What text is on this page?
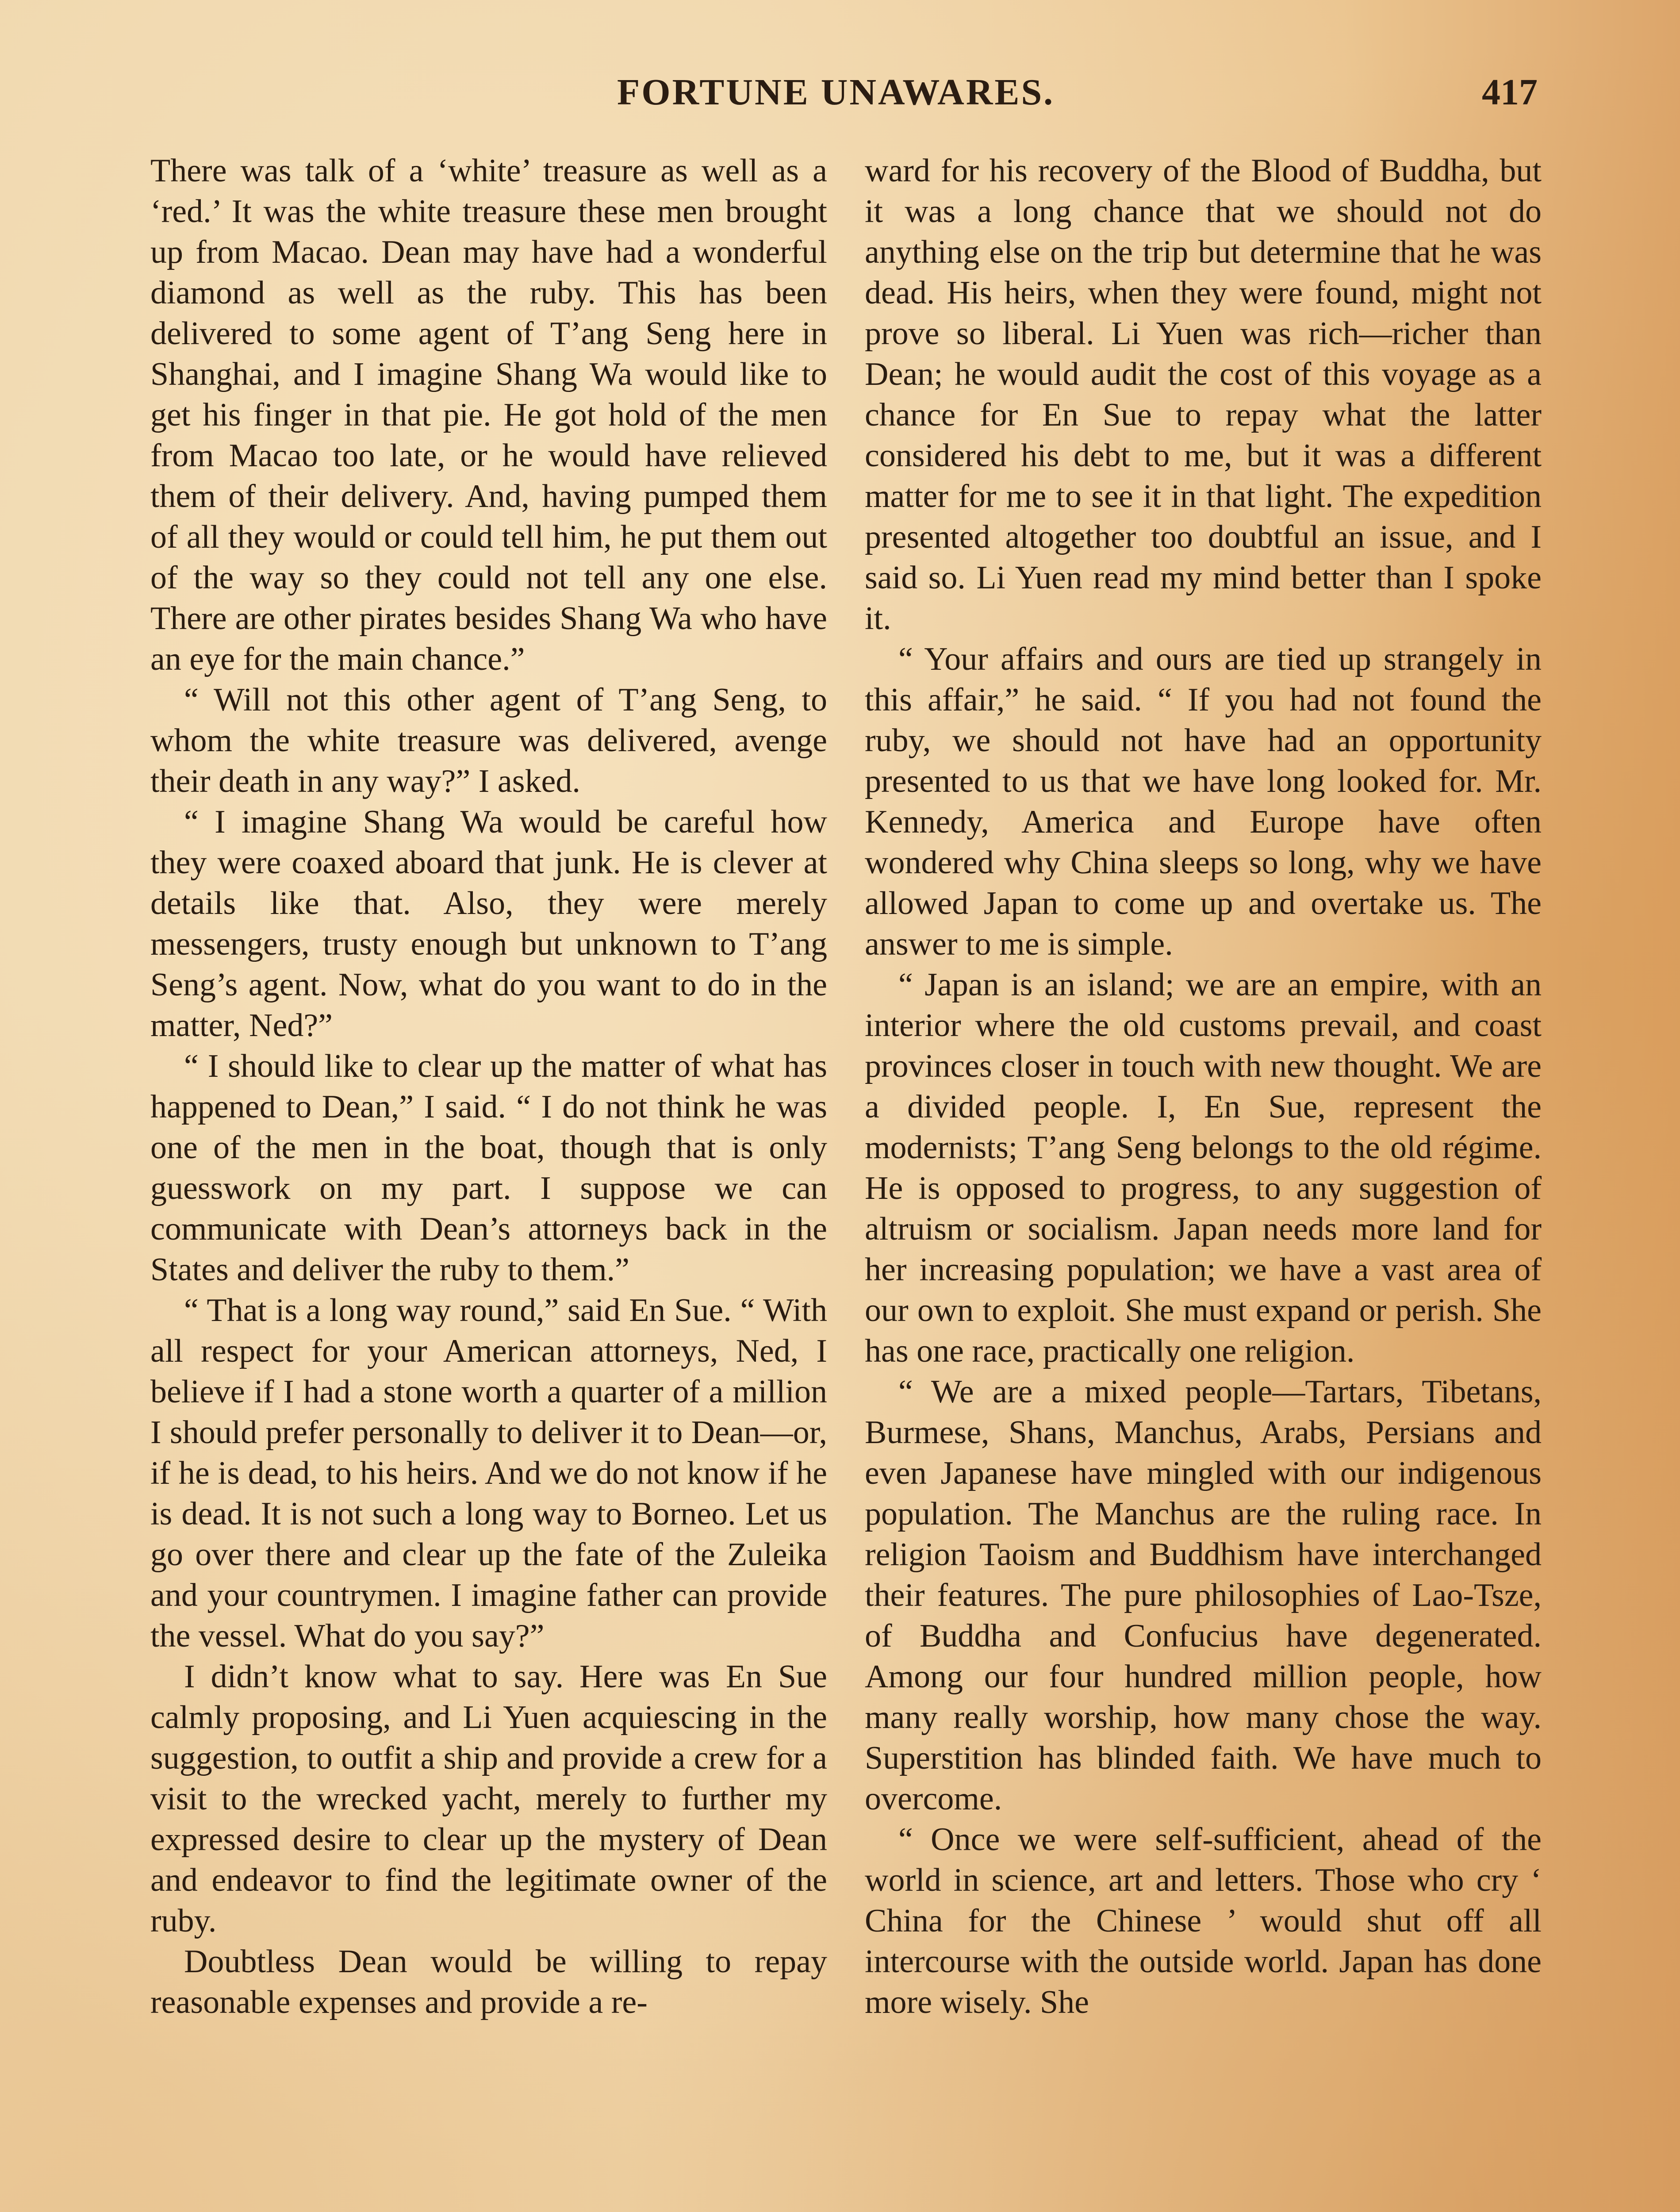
FORTUNE UNAWARES.	417

There was talk of a ‘white’ treasure as well as a ‘red.’ It was the white treasure these men brought up from Macao. Dean may have had a wonderful diamond as well as the ruby. This has been delivered to some agent of T’ang Seng here in Shanghai, and I imagine Shang Wa would like to get his finger in that pie. He got hold of the men from Macao too late, or he would have relieved them of their delivery. And, having pumped them of all they would or could tell him, he put them out of the way so they could not tell any one else. There are other pirates besides Shang Wa who have an eye for the main chance.”

“ Will not this other agent of T’ang Seng, to whom the white treasure was delivered, avenge their death in any way?” I asked.

“ I imagine Shang Wa would be careful how they were coaxed aboard that junk. He is clever at details like that. Also, they were merely messengers, trusty enough but unknown to T’ang Seng’s agent. Now, what do you want to do in the matter, Ned?”

“ I should like to clear up the matter of what has happened to Dean,” I said. “ I do not think he was one of the men in the boat, though that is only guesswork on my part. I suppose we can communicate with Dean’s attorneys back in the States and deliver the ruby to them.”

“ That is a long way round,” said En Sue. “ With all respect for your American attorneys, Ned, I believe if I had a stone worth a quarter of a million I should prefer personally to deliver it to Dean—or, if he is dead, to his heirs. And we do not know if he is dead. It is not such a long way to Borneo. Let us go over there and clear up the fate of the Zuleika and your countrymen. I imagine father can provide the vessel. What do you say?”

I didn’t know what to say. Here was En Sue calmly proposing, and Li Yuen acquiescing in the suggestion, to outfit a ship and provide a crew for a visit to the wrecked yacht, merely to further my expressed desire to clear up the mystery of Dean and endeavor to find the legitimate owner of the ruby.

Doubtless Dean would be willing to repay reasonable expenses and provide a re-

ward for his recovery of the Blood of Buddha, but it was a long chance that we should not do anything else on the trip but determine that he was dead. His heirs, when they were found, might not prove so liberal. Li Yuen was rich—richer than Dean; he would audit the cost of this voyage as a chance for En Sue to repay what the latter considered his debt to me, but it was a different matter for me to see it in that light. The expedition presented altogether too doubtful an issue, and I said so. Li Yuen read my mind better than I spoke it.

“ Your affairs and ours are tied up strangely in this affair,” he said. “ If you had not found the ruby, we should not have had an opportunity presented to us that we have long looked for. Mr. Kennedy, America and Europe have often wondered why China sleeps so long, why we have allowed Japan to come up and overtake us. The answer to me is simple.

“ Japan is an island; we are an empire, with an interior where the old customs prevail, and coast provinces closer in touch with new thought. We are a divided people. I, En Sue, represent the modernists; T’ang Seng belongs to the old régime. He is opposed to progress, to any suggestion of altruism or socialism. Japan needs more land for her increasing population; we have a vast area of our own to exploit. She must expand or perish. She has one race, practically one religion.

“ We are a mixed people—Tartars, Tibetans, Burmese, Shans, Manchus, Arabs, Persians and even Japanese have mingled with our indigenous population. The Manchus are the ruling race. In religion Taoism and Buddhism have interchanged their features. The pure philosophies of Lao-Tsze, of Buddha and Confucius have degenerated. Among our four hundred million people, how many really worship, how many chose the way. Superstition has blinded faith. We have much to overcome.

“ Once we were self-sufficient, ahead of the world in science, art and letters. Those who cry ‘ China for the Chinese ’ would shut off all intercourse with the outside world. Japan has done more wisely. She
